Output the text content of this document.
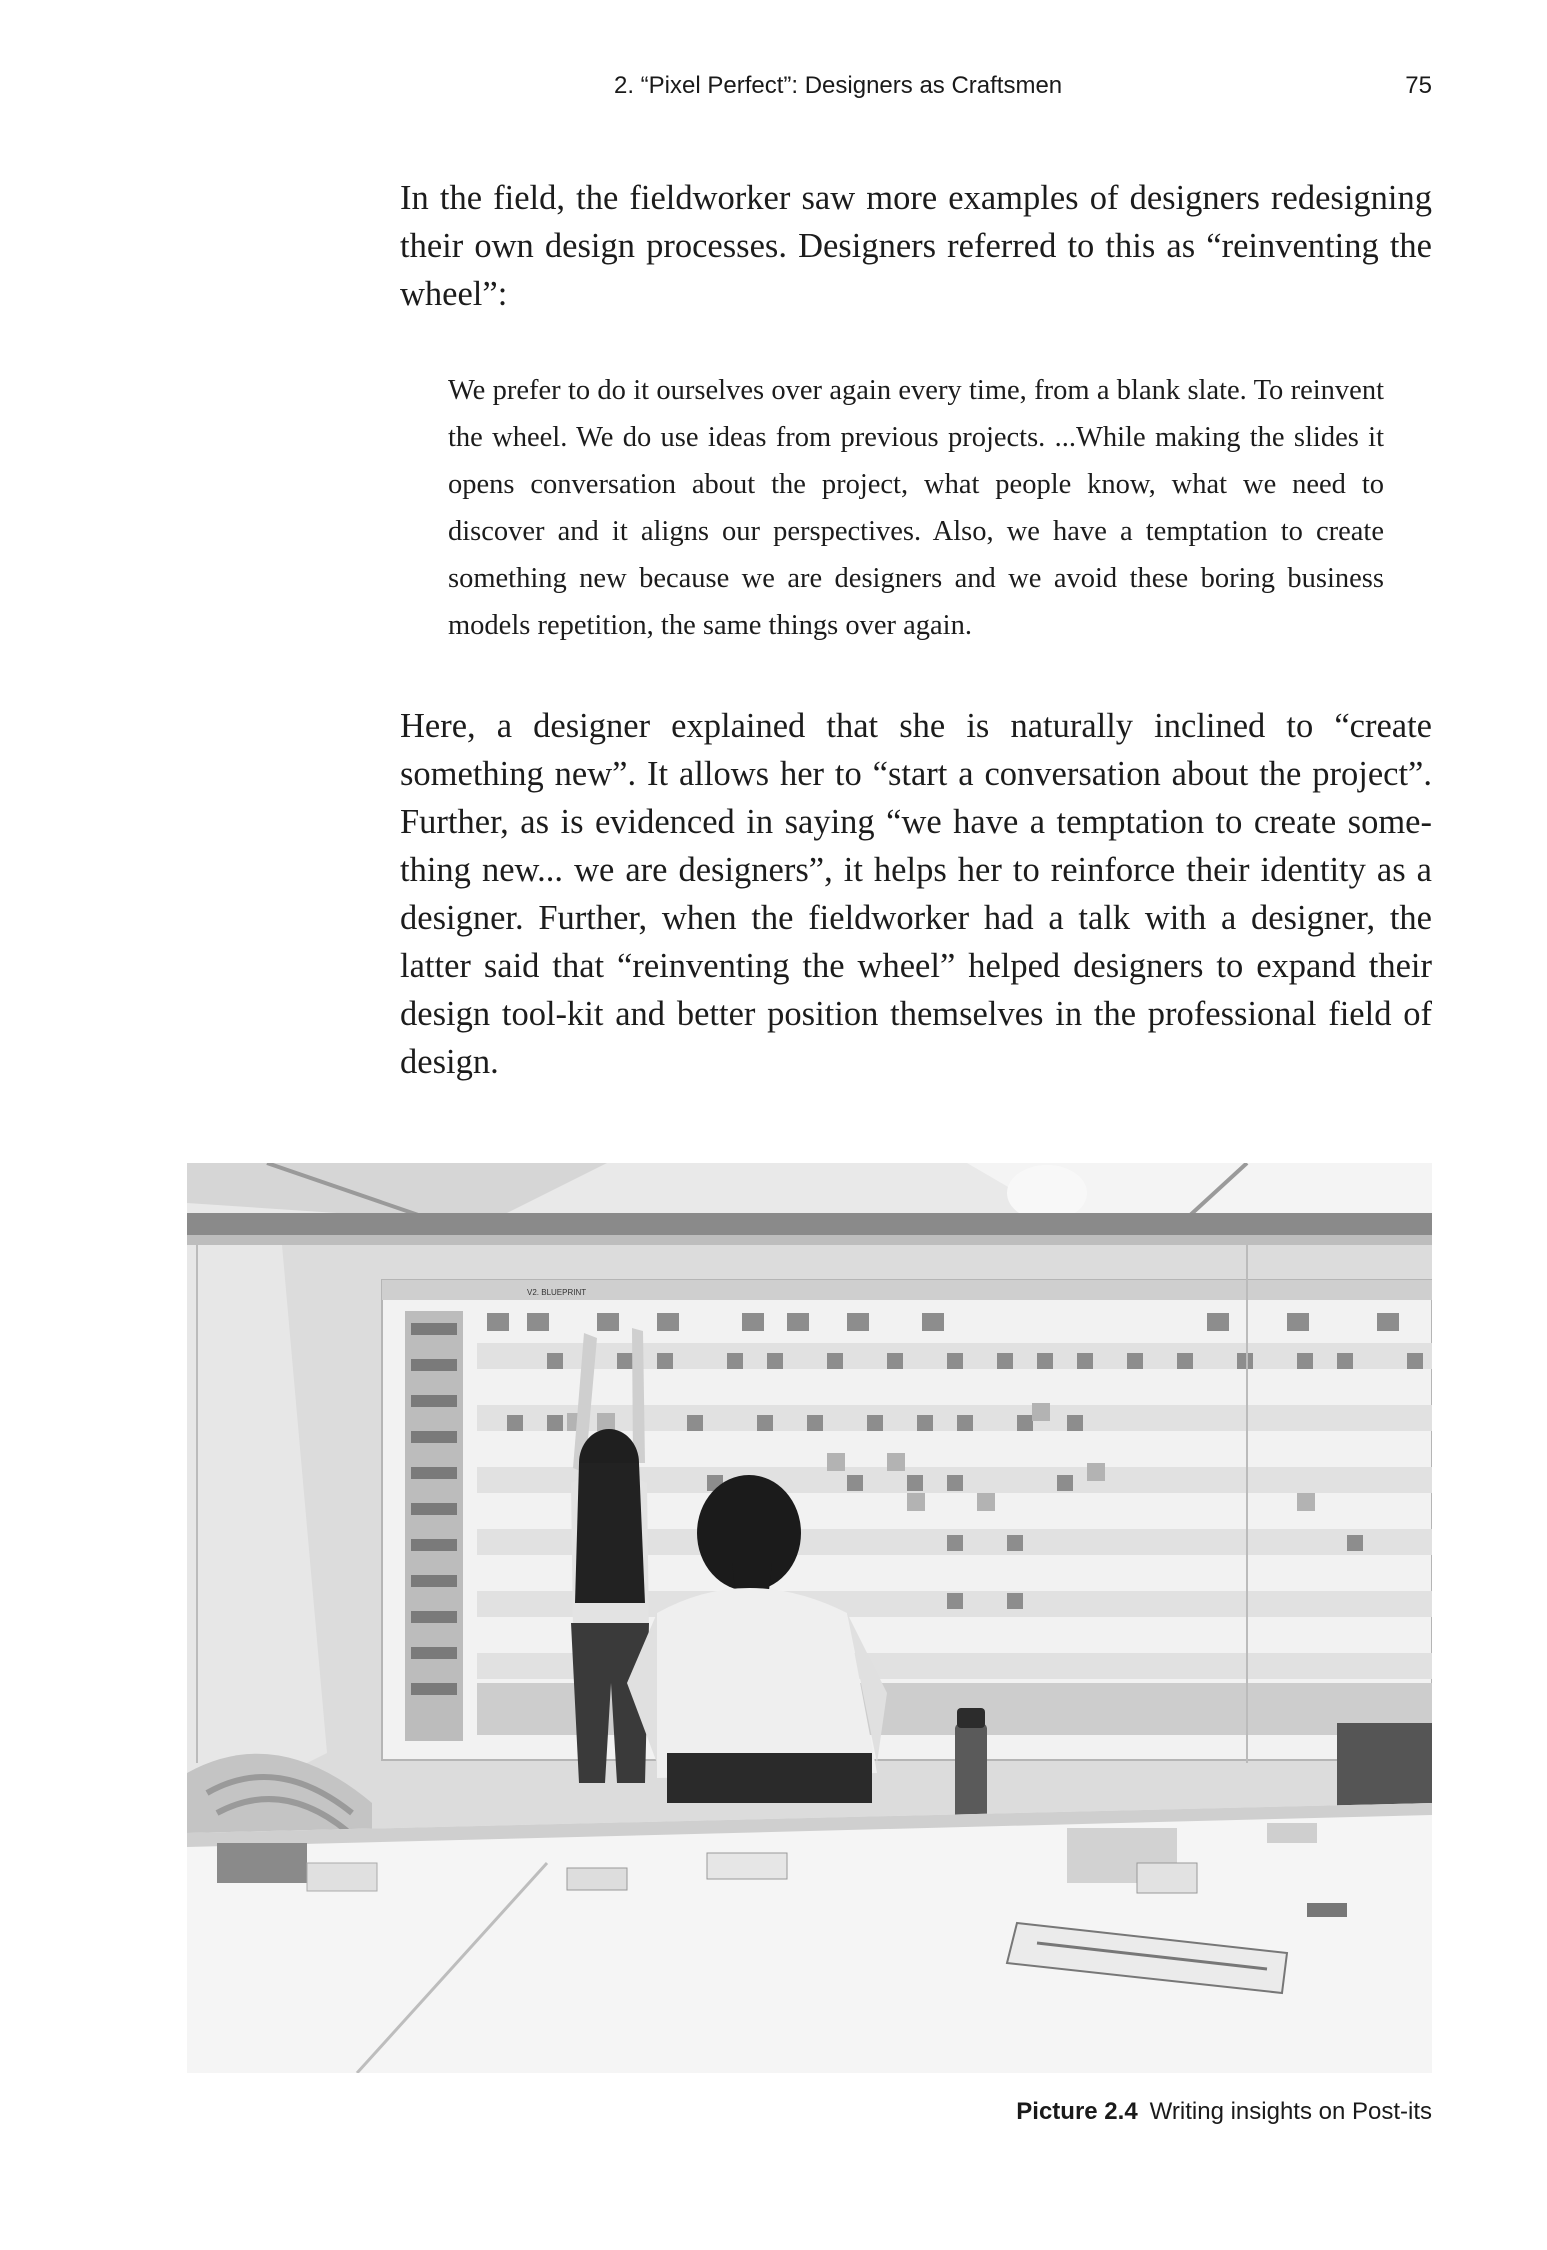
2. “Pixel Perfect”: Designers as Craftsmen	75

In the field, the fieldworker saw more examples of designers redesigning their own design processes. Designers referred to this as “reinventing the wheel”:

We prefer to do it ourselves over again every time, from a blank slate. To reinvent the wheel. We do use ideas from previous projects. ...While making the slides it opens conversation about the project, what people know, what we need to discover and it aligns our perspectives. Also, we have a temptation to create something new because we are designers and we avoid these boring business models repetition, the same things over again.

Here, a designer explained that she is naturally inclined to “create something new”. It allows her to “start a conversation about the project”. Further, as is evidenced in saying “we have a temptation to create something new... we are designers”, it helps her to reinforce their identity as a designer. Further, when the fieldworker had a talk with a designer, the latter said that “reinventing the wheel” helped designers to expand their design tool-kit and better position themselves in the professional field of design.

V2. BLUEPRINT
Picture 2.4 Writing insights on Post-its
